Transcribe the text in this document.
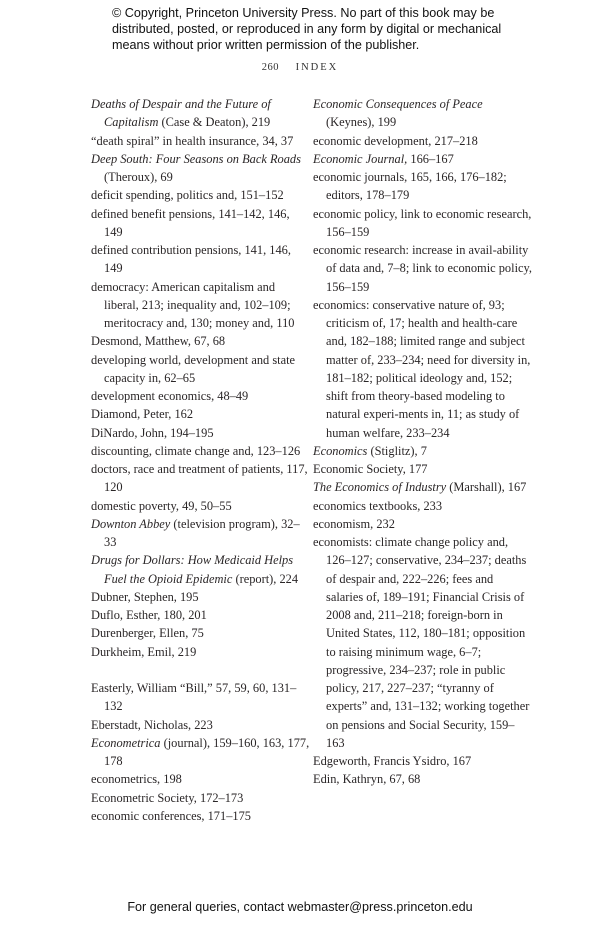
© Copyright, Princeton University Press. No part of this book may be distributed, posted, or reproduced in any form by digital or mechanical means without prior written permission of the publisher.
260 INDEX
Deaths of Despair and the Future of Capitalism (Case & Deaton), 219
“death spiral” in health insurance, 34, 37
Deep South: Four Seasons on Back Roads (Theroux), 69
deficit spending, politics and, 151–152
defined benefit pensions, 141–142, 146, 149
defined contribution pensions, 141, 146, 149
democracy: American capitalism and liberal, 213; inequality and, 102–109; meritocracy and, 130; money and, 110
Desmond, Matthew, 67, 68
developing world, development and state capacity in, 62–65
development economics, 48–49
Diamond, Peter, 162
DiNardo, John, 194–195
discounting, climate change and, 123–126
doctors, race and treatment of patients, 117, 120
domestic poverty, 49, 50–55
Downton Abbey (television program), 32–33
Drugs for Dollars: How Medicaid Helps Fuel the Opioid Epidemic (report), 224
Dubner, Stephen, 195
Duflo, Esther, 180, 201
Durenberger, Ellen, 75
Durkheim, Emil, 219
Easterly, William “Bill,” 57, 59, 60, 131–132
Eberstadt, Nicholas, 223
Econometrica (journal), 159–160, 163, 177, 178
econometrics, 198
Econometric Society, 172–173
economic conferences, 171–175
Economic Consequences of Peace (Keynes), 199
economic development, 217–218
Economic Journal, 166–167
economic journals, 165, 166, 176–182; editors, 178–179
economic policy, link to economic research, 156–159
economic research: increase in avail-ability of data and, 7–8; link to economic policy, 156–159
economics: conservative nature of, 93; criticism of, 17; health and health-care and, 182–188; limited range and subject matter of, 233–234; need for diversity in, 181–182; political ideology and, 152; shift from theory-based modeling to natural experi-ments in, 11; as study of human welfare, 233–234
Economics (Stiglitz), 7
Economic Society, 177
The Economics of Industry (Marshall), 167
economics textbooks, 233
economism, 232
economists: climate change policy and, 126–127; conservative, 234–237; deaths of despair and, 222–226; fees and salaries of, 189–191; Financial Crisis of 2008 and, 211–218; foreign-born in United States, 112, 180–181; opposition to raising minimum wage, 6–7; progressive, 234–237; role in public policy, 217, 227–237; “tyranny of experts” and, 131–132; working together on pensions and Social Security, 159–163
Edgeworth, Francis Ysidro, 167
Edin, Kathryn, 67, 68
For general queries, contact webmaster@press.princeton.edu
